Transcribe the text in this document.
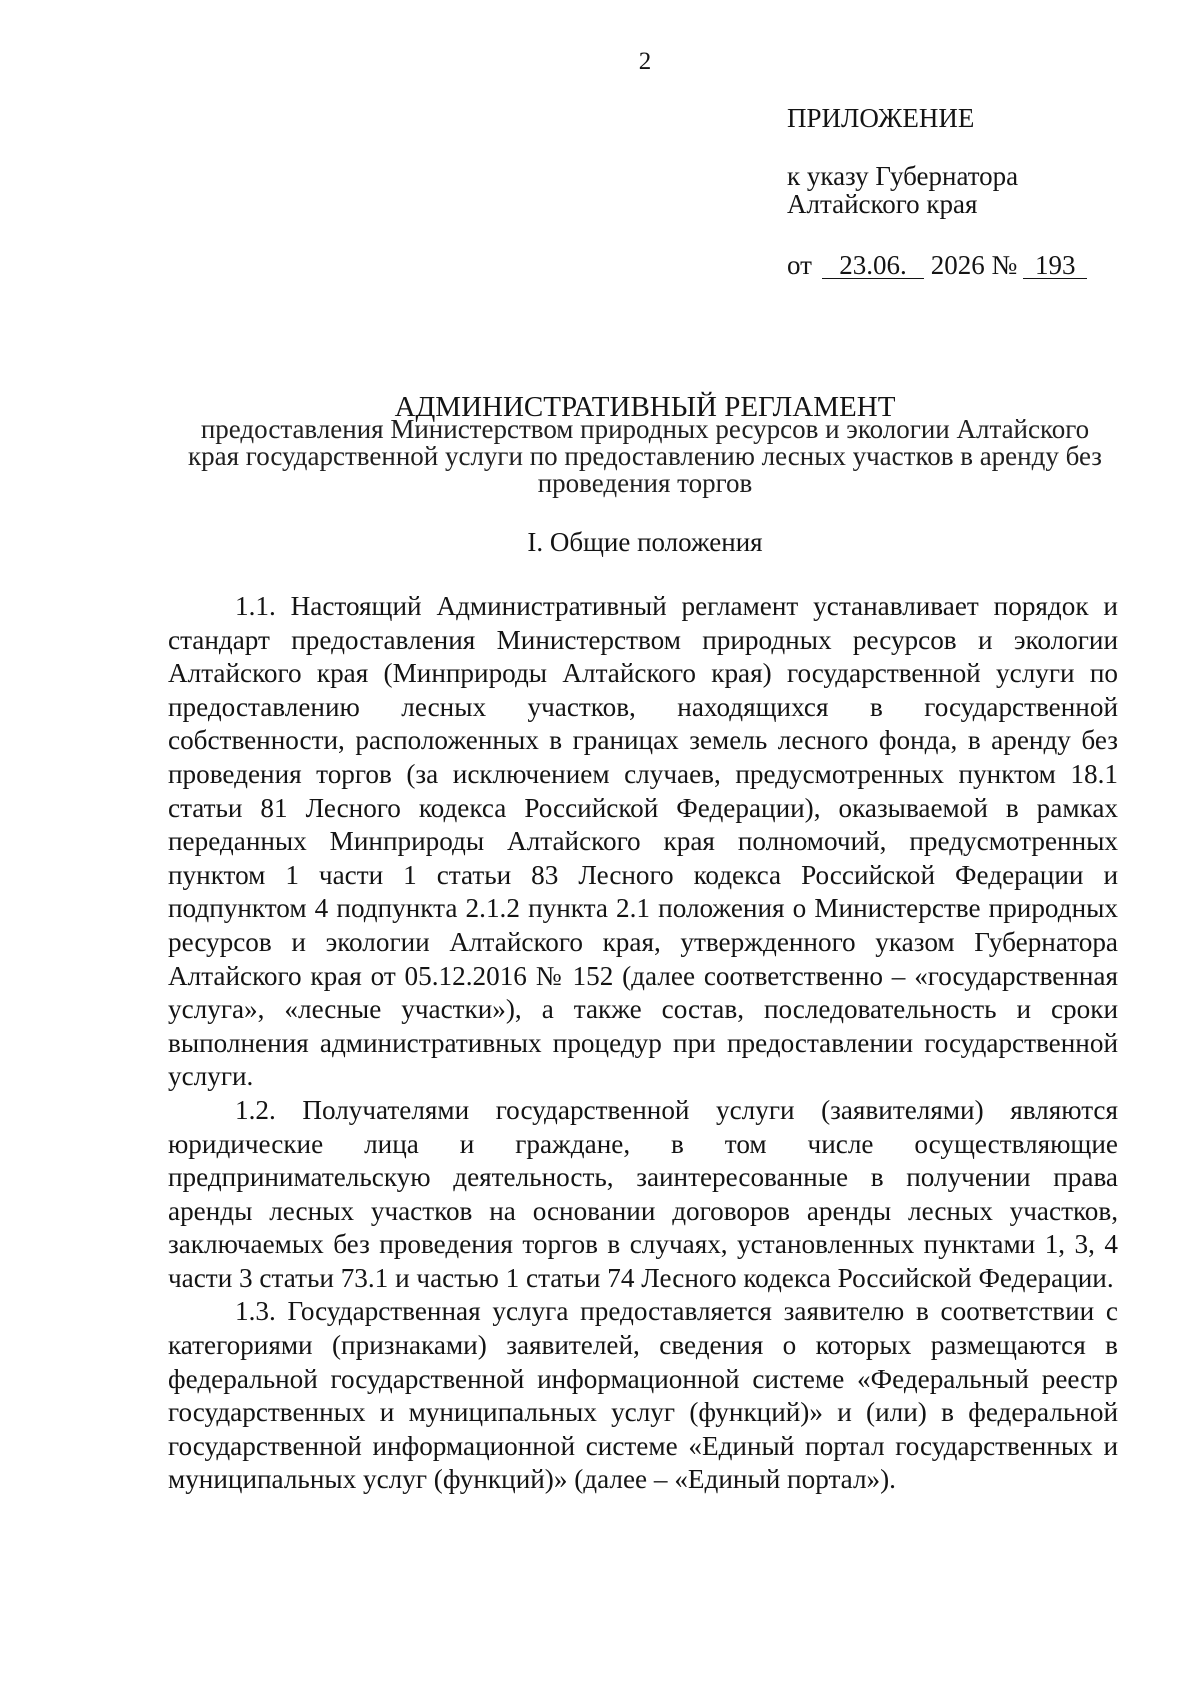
2

ПРИЛОЖЕНИЕ

к указу Губернатора
Алтайского края

от 23.06. 2026 № 193

АДМИНИСТРАТИВНЫЙ РЕГЛАМЕНТ
предоставления Министерством природных ресурсов и экологии Алтайского края государственной услуги по предоставлению лесных участков в аренду без проведения торгов
I. Общие положения

1.1. Настоящий Административный регламент устанавливает порядок и стандарт предоставления Министерством природных ресурсов и экологии Алтайского края (Минприроды Алтайского края) государственной услуги по предоставлению лесных участков, находящихся в государственной собственности, расположенных в границах земель лесного фонда, в аренду без проведения торгов (за исключением случаев, предусмотренных пунктом 18.1 статьи 81 Лесного кодекса Российской Федерации), оказываемой в рамках переданных Минприроды Алтайского края полномочий, предусмотренных пунктом 1 части 1 статьи 83 Лесного кодекса Российской Федерации и подпунктом 4 подпункта 2.1.2 пункта 2.1 положения о Министерстве природных ресурсов и экологии Алтайского края, утвержденного указом Губернатора Алтайского края от 05.12.2016 № 152 (далее соответственно – «государственная услуга», «лесные участки»), а также состав, последовательность и сроки выполнения административных процедур при предоставлении государственной услуги.

1.2. Получателями государственной услуги (заявителями) являются юридические лица и граждане, в том числе осуществляющие предпринимательскую деятельность, заинтересованные в получении права аренды лесных участков на основании договоров аренды лесных участков, заключаемых без проведения торгов в случаях, установленных пунктами 1, 3, 4 части 3 статьи 73.1 и частью 1 статьи 74 Лесного кодекса Российской Федерации.

1.3. Государственная услуга предоставляется заявителю в соответствии с категориями (признаками) заявителей, сведения о которых размещаются в федеральной государственной информационной системе «Федеральный реестр государственных и муниципальных услуг (функций)» и (или) в федеральной государственной информационной системе «Единый портал государственных и муниципальных услуг (функций)» (далее – «Единый портал»).
